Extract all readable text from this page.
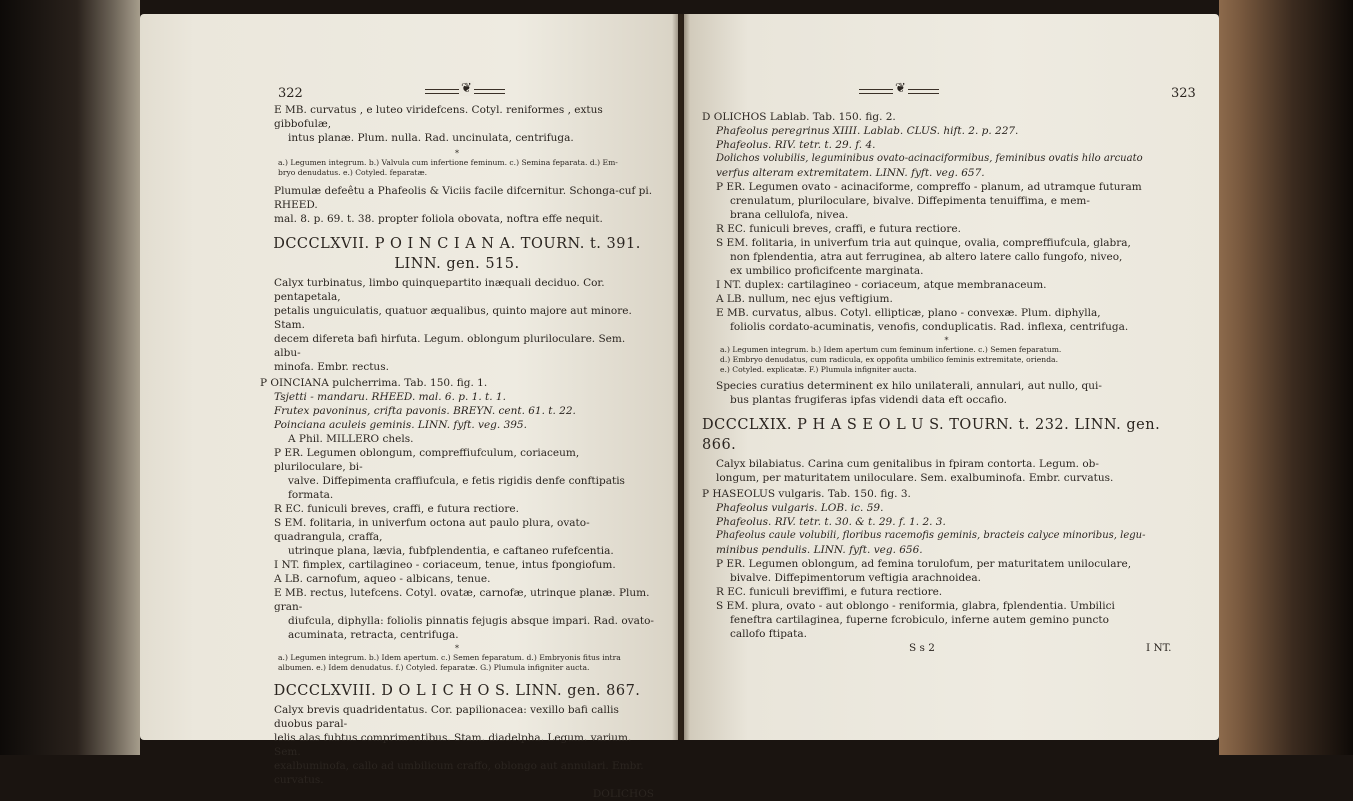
322
❦

E MB. curvatus , e luteo viridefcens. Cotyl. reniformes , extus gibbofulæ,

intus planæ. Plum. nulla. Rad. uncinulata, centrifuga.

*

a.) Legumen integrum. b.) Valvula cum infertione feminum. c.) Semina feparata. d.) Em-

bryo denudatus. e.) Cotyled. feparatæ.

Plumulæ defeêtu a Phafeolis & Viciis facile difcernitur. Schonga-cuf pi. RHEED.

mal. 8. p. 69. t. 38. propter foliola obovata, noftra effe nequit.

DCCCLXVII. P O I N C I A N A. TOURN. t. 391.

LINN. gen. 515.

Calyx turbinatus, limbo quinquepartito inæquali deciduo. Cor. pentapetala,

petalis unguiculatis, quatuor æqualibus, quinto majore aut minore. Stam.

decem difereta bafi hirfuta. Legum. oblongum pluriloculare. Sem. albu-

minofa. Embr. rectus.

P OINCIANA pulcherrima. Tab. 150. fig. 1.

Tsjetti - mandaru. RHEED. mal. 6. p. 1. t. 1.

Frutex pavoninus, crifta pavonis. BREYN. cent. 61. t. 22.

Poinciana aculeis geminis. LINN. fyft. veg. 395.

A Phil. MILLERO chels.

P ER. Legumen oblongum, compreffiufculum, coriaceum, pluriloculare, bi-

valve. Diffepimenta craffiufcula, e fetis rigidis denfe conftipatis formata.

R EC. funiculi breves, craffi, e futura rectiore.

S EM. folitaria, in univerfum octona aut paulo plura, ovato-quadrangula, craffa,

utrinque plana, lævia, fubfplendentia, e caftaneo rufefcentia.

I NT. fimplex, cartilagineo - coriaceum, tenue, intus fpongiofum.

A LB. carnofum, aqueo - albicans, tenue.

E MB. rectus, lutefcens. Cotyl. ovatæ, carnofæ, utrinque planæ. Plum. gran-

diufcula, diphylla: foliolis pinnatis fejugis absque impari. Rad. ovato-

acuminata, retracta, centrifuga.

*

a.) Legumen integrum. b.) Idem apertum. c.) Semen feparatum. d.) Embryonis fitus intra

albumen. e.) Idem denudatus. f.) Cotyled. feparatæ. G.) Plumula infigniter aucta.

DCCCLXVIII. D O L I C H O S. LINN. gen. 867.

Calyx brevis quadridentatus. Cor. papilionacea: vexillo bafi callis duobus paral-

lelis alas fubtus comprimentibus. Stam. diadelpha. Legum. varium. Sem.

exalbuminofa, callo ad umbilicum craffo, oblongo aut annulari. Embr. curvatus.

DOLICHOS

❦
323

D OLICHOS Lablab. Tab. 150. fig. 2.

Phafeolus peregrinus XIIII. Lablab. CLUS. hift. 2. p. 227.

Phafeolus. RIV. tetr. t. 29. f. 4.

Dolichos volubilis, leguminibus ovato-acinaciformibus, feminibus ovatis hilo arcuato

verfus alteram extremitatem. LINN. fyft. veg. 657.

P ER. Legumen ovato - acinaciforme, compreffo - planum, ad utramque futuram

crenulatum, pluriloculare, bivalve. Diffepimenta tenuiffima, e mem-

brana cellulofa, nivea.

R EC. funiculi breves, craffi, e futura rectiore.

S EM. folitaria, in univerfum tria aut quinque, ovalia, compreffiufcula, glabra,

non fplendentia, atra aut ferruginea, ab altero latere callo fungofo, niveo,

ex umbilico proficifcente marginata.

I NT. duplex: cartilagineo - coriaceum, atque membranaceum.

A LB. nullum, nec ejus veftigium.

E MB. curvatus, albus. Cotyl. ellipticæ, plano - convexæ. Plum. diphylla,

foliolis cordato-acuminatis, venofis, conduplicatis. Rad. inflexa, centrifuga.

*

a.) Legumen integrum. b.) Idem apertum cum feminum infertione. c.) Semen feparatum.

d.) Embryo denudatus, cum radicula, ex oppofita umbilico feminis extremitate, orienda.

e.) Cotyled. explicatæ. F.) Plumula infigniter aucta.

Species curatius determinent ex hilo unilaterali, annulari, aut nullo, qui-

bus plantas frugiferas ipfas videndi data eft occafio.

DCCCLXIX. P H A S E O L U S. TOURN. t. 232. LINN. gen. 866.

Calyx bilabiatus. Carina cum genitalibus in fpiram contorta. Legum. ob-

longum, per maturitatem uniloculare. Sem. exalbuminofa. Embr. curvatus.

P HASEOLUS vulgaris. Tab. 150. fig. 3.

Phafeolus vulgaris. LOB. ic. 59.

Phafeolus. RIV. tetr. t. 30. & t. 29. f. 1. 2. 3.

Phafeolus caule volubili, floribus racemofis geminis, bracteis calyce minoribus, legu-

minibus pendulis. LINN. fyft. veg. 656.

P ER. Legumen oblongum, ad femina torulofum, per maturitatem uniloculare,

bivalve. Diffepimentorum veftigia arachnoidea.

R EC. funiculi breviffimi, e futura rectiore.

S EM. plura, ovato - aut oblongo - reniformia, glabra, fplendentia. Umbilici

feneftra cartilaginea, fuperne fcrobiculo, inferne autem gemino puncto

callofo ftipata.

S s 2	I NT.
